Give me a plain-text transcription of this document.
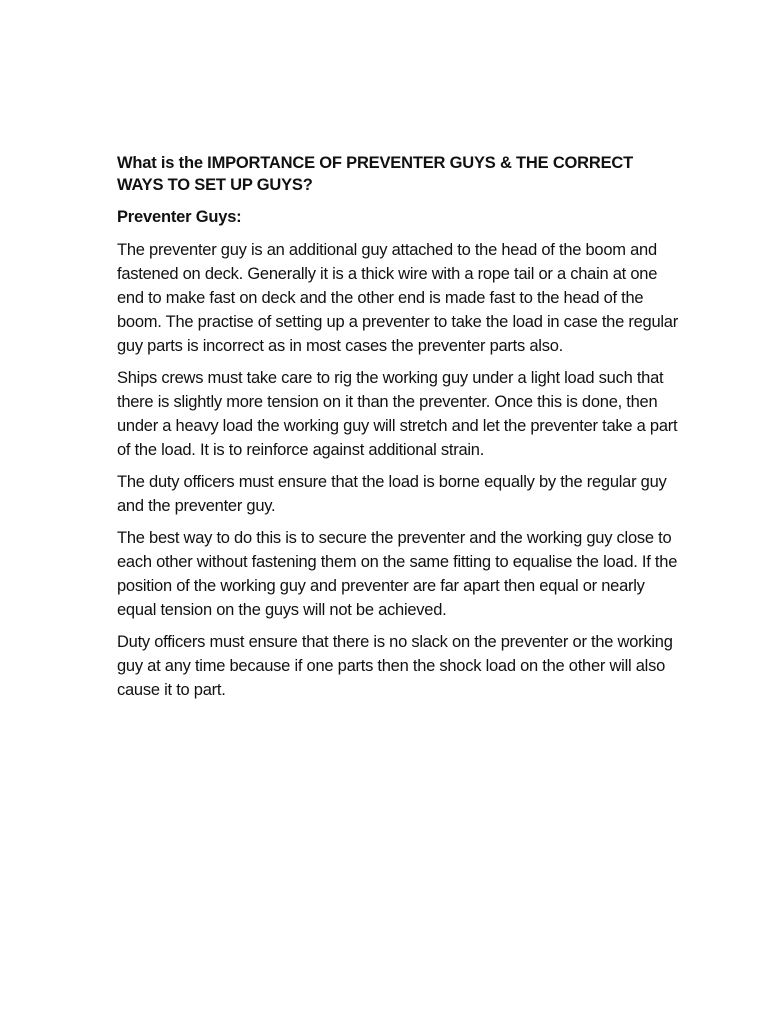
What is the IMPORTANCE OF PREVENTER GUYS & THE CORRECT WAYS TO SET UP GUYS?
Preventer Guys:

The preventer guy is an additional guy attached to the head of the boom and fastened on deck. Generally it is a thick wire with a rope tail or a chain at one end to make fast on deck and the other end is made fast to the head of the boom. The practise of setting up a preventer to take the load in case the regular guy parts is incorrect as in most cases the preventer parts also.

Ships crews must take care to rig the working guy under a light load such that there is slightly more tension on it than the preventer. Once this is done, then under a heavy load the working guy will stretch and let the preventer take a part of the load. It is to reinforce against additional strain.

The duty officers must ensure that the load is borne equally by the regular guy and the preventer guy.

The best way to do this is to secure the preventer and the working guy close to each other without fastening them on the same fitting to equalise the load. If the position of the working guy and preventer are far apart then equal or nearly equal tension on the guys will not be achieved.

Duty officers must ensure that there is no slack on the preventer or the working guy at any time because if one parts then the shock load on the other will also cause it to part.
